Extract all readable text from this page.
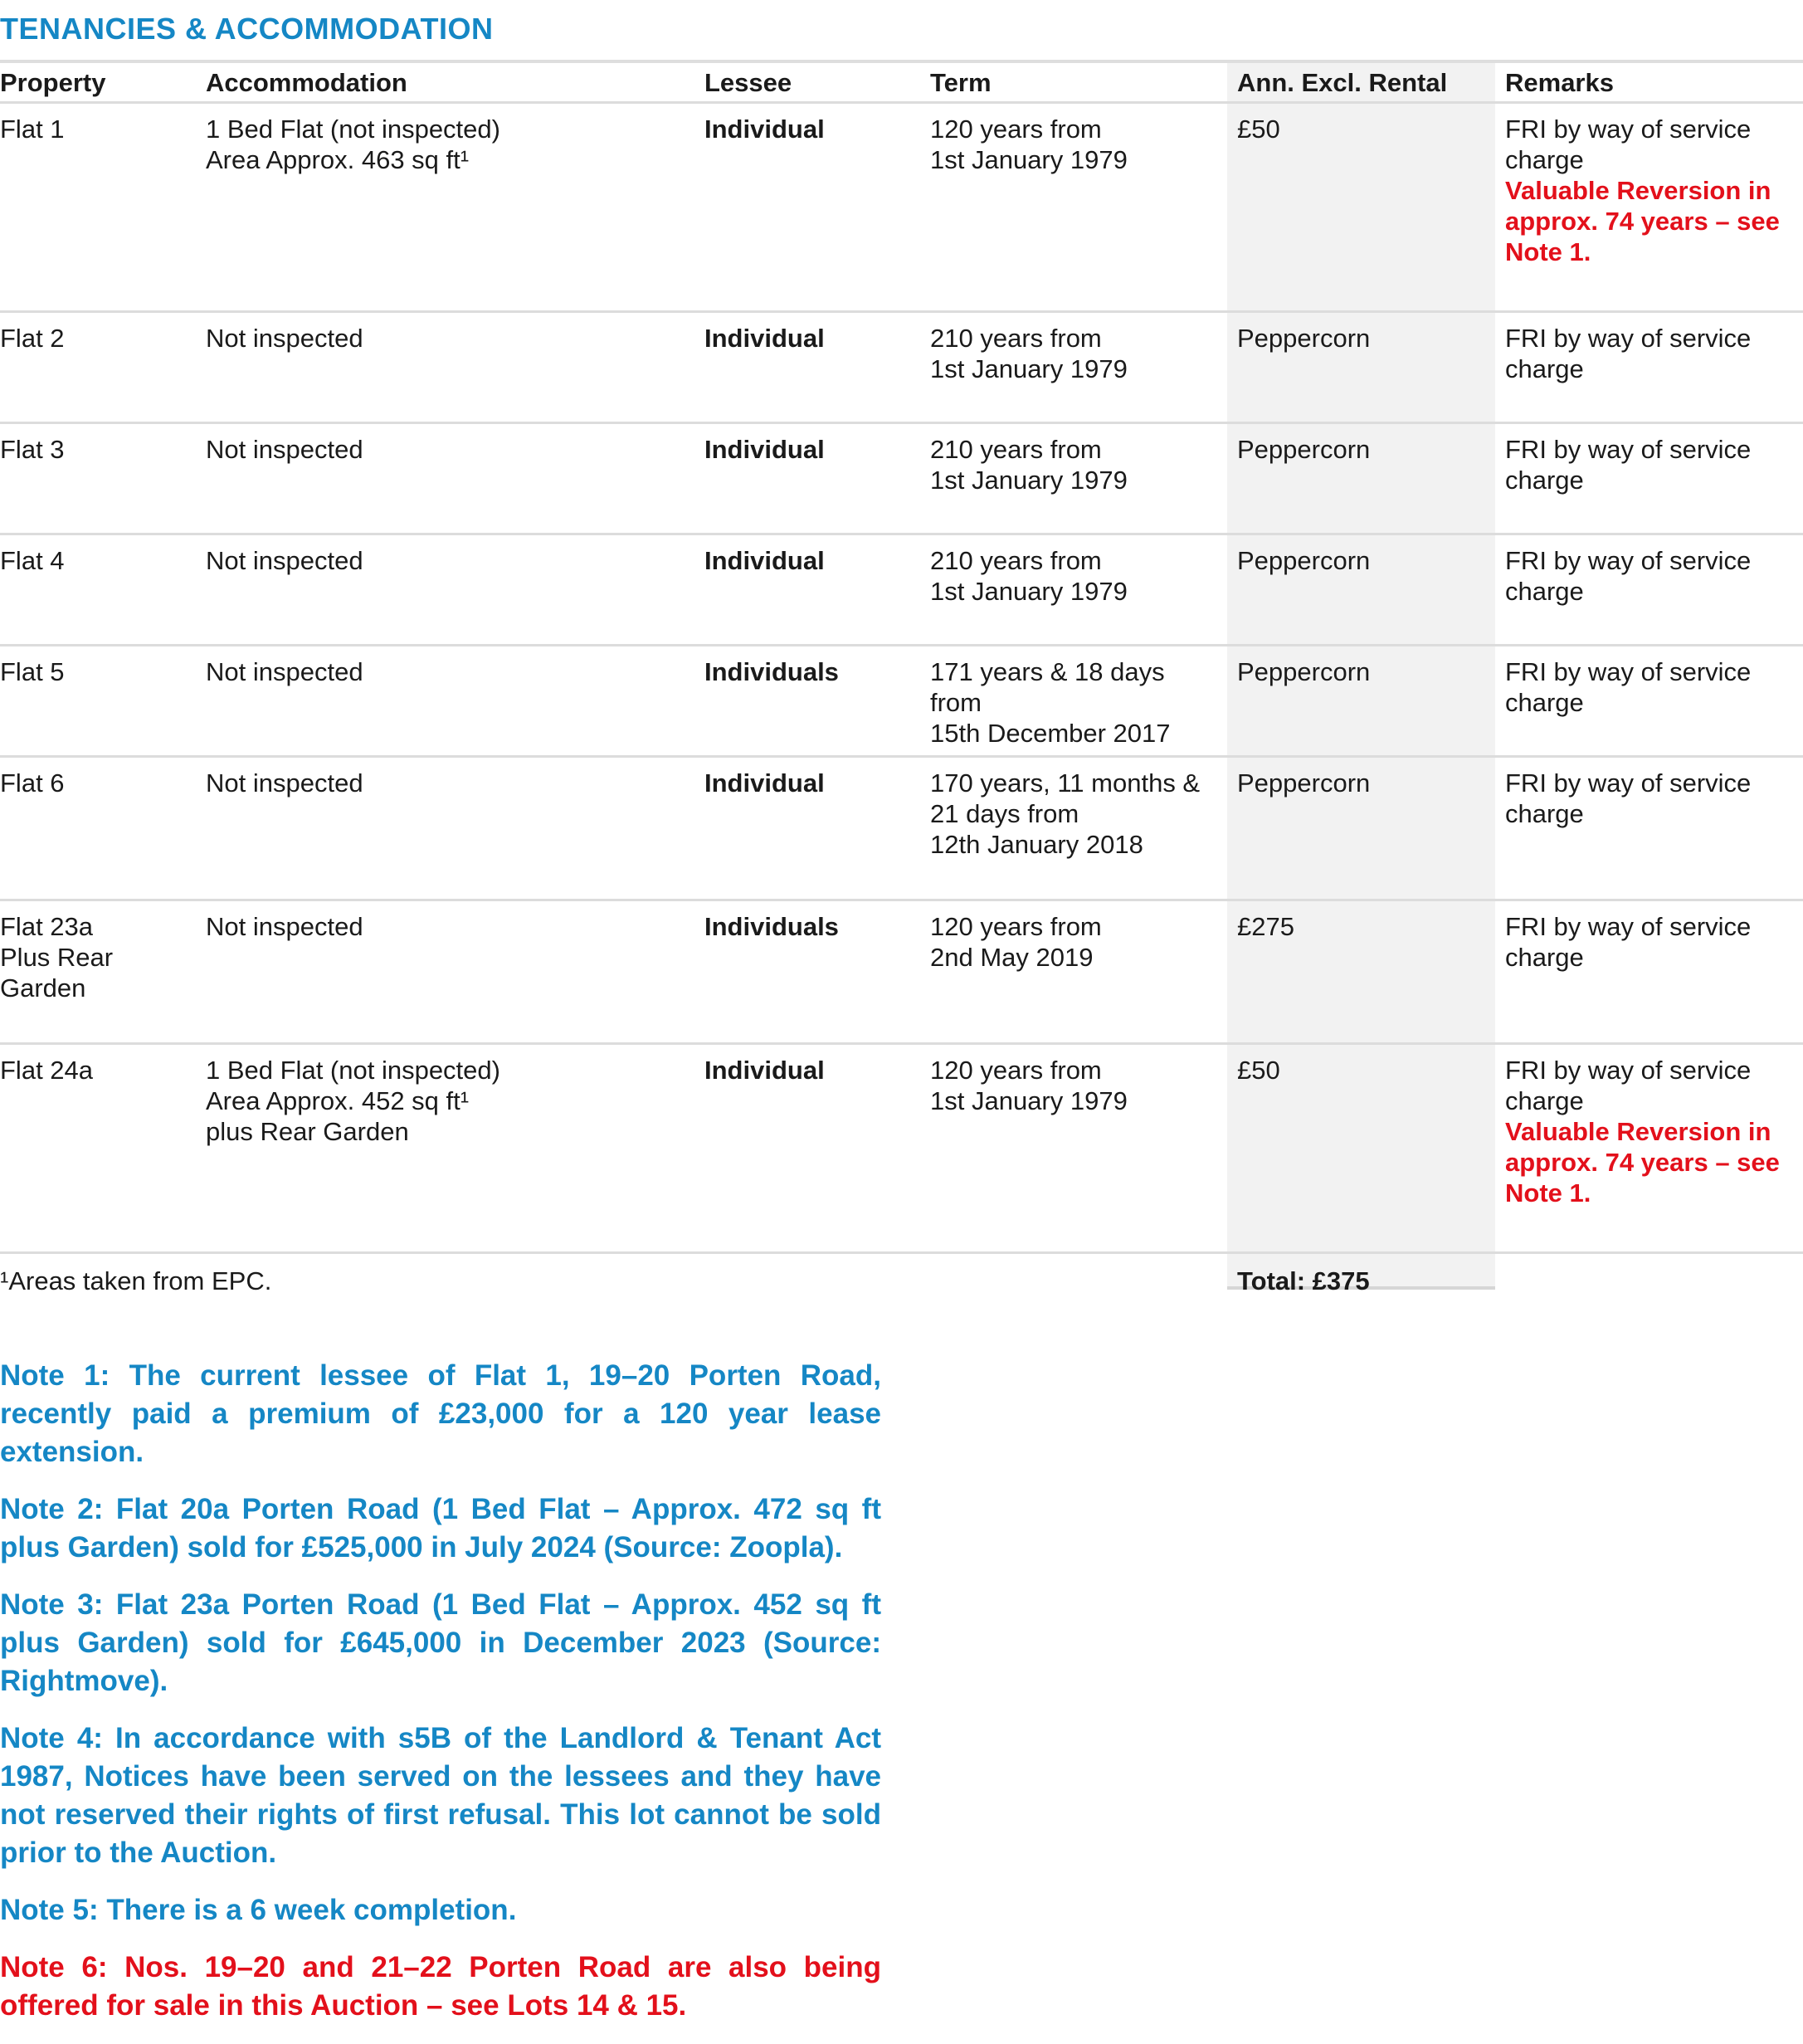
TENANCIES & ACCOMMODATION
Property	Accommodation	Lessee	Term	Ann. Excl. Rental	Remarks

Flat 1	1 Bed Flat (not inspected)
Area Approx. 463 sq ft¹	Individual	120 years from
1st January 1979	£50	FRI by way of service
charge
Valuable Reversion in
approx. 74 years – see
Note 1.

Flat 2	Not inspected	Individual	210 years from
1st January 1979	Peppercorn	FRI by way of service
charge

Flat 3	Not inspected	Individual	210 years from
1st January 1979	Peppercorn	FRI by way of service
charge

Flat 4	Not inspected	Individual	210 years from
1st January 1979	Peppercorn	FRI by way of service
charge

Flat 5	Not inspected	Individuals	171 years & 18 days from
15th December 2017	Peppercorn	FRI by way of service
charge

Flat 6	Not inspected	Individual	170 years, 11 months &
21 days from
12th January 2018	Peppercorn	FRI by way of service
charge

Flat 23a
Plus Rear
Garden	Not inspected	Individuals	120 years from
2nd May 2019	£275	FRI by way of service
charge

Flat 24a	1 Bed Flat (not inspected)
Area Approx. 452 sq ft¹
plus Rear Garden	Individual	120 years from
1st January 1979	£50	FRI by way of service
charge
Valuable Reversion in
approx. 74 years – see
Note 1.

¹Areas taken from EPC.				Total: £375	

Note 1: The current lessee of Flat 1, 19–20 Porten Road, recently paid a premium of £23,000 for a 120 year lease extension.

Note 2: Flat 20a Porten Road (1 Bed Flat – Approx. 472 sq ft plus Garden) sold for £525,000 in July 2024 (Source: Zoopla).

Note 3: Flat 23a Porten Road (1 Bed Flat – Approx. 452 sq ft plus Garden) sold for £645,000 in December 2023 (Source: Rightmove).

Note 4: In accordance with s5B of the Landlord & Tenant Act 1987, Notices have been served on the lessees and they have not reserved their rights of first refusal. This lot cannot be sold prior to the Auction.

Note 5: There is a 6 week completion.

Note 6: Nos. 19–20 and 21–22 Porten Road are also being offered for sale in this Auction – see Lots 14 & 15.
